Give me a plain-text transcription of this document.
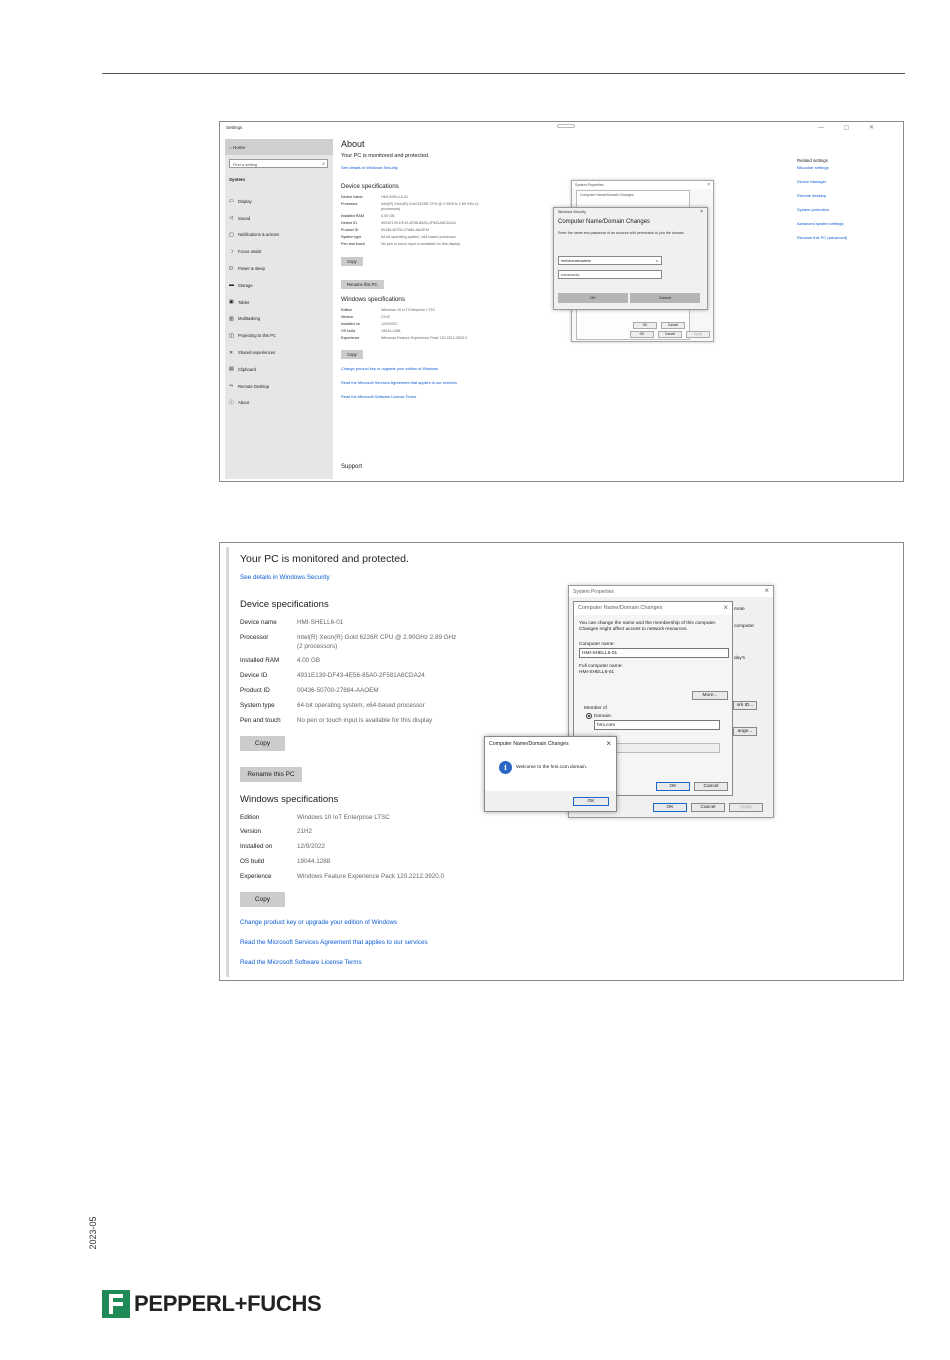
Settings	— ▢ ✕
⌂ Home
Find a setting	⌕
System
▭	Display
◁	Sound
▢	Notifications & actions
☽	Focus assist
⏻	Power & sleep
▬ Storage
▣	Tablet
▥	Multitasking
◫	Projecting to this PC
✕	Shared experiences
▤	Clipboard
⤳	Remote Desktop
ⓘ About
About
Your PC is monitored and protected.
See details in Windows Security
Device specifications
Device name	HMI-SHELL6-01
Processor	Intel(R) Xeon(R) Gold 6226R CPU @ 2.90GHz 2.89 GHz (2 processors)
Installed RAM	4.00 GB
Device ID	4931E139-DF43-4E56-85A0-2F581A6CDA24
Product ID	00436-50700-27884-AAOEM
System type	64-bit operating system, x64-based processor
Pen and touch	No pen or touch input is available for this display
Copy
Rename this PC
Windows specifications
Edition	Windows 10 IoT Enterprise LTSC
Version	21H2
Installed on	12/9/2022
OS build	19044.1288
Experience	Windows Feature Experience Pack 120.2212.3920.0
Copy
Change product key or upgrade your edition of Windows
Read the Microsoft Services Agreement that applies to our services
Read the Microsoft Software License Terms
Support
Related settings
BitLocker settings
Device Manager
Remote desktop
System protection
Advanced system settings
Rename this PC (advanced)
System Properties	×
Computer Name/Domain Changes
OK	Cancel
OK	Cancel	Apply
Windows Security	×
Computer Name/Domain Changes
Enter the name and password of an account with permission to join the domain.
hmi\domainadmin	×
••••••••••••••
OK	Cancel
Your PC is monitored and protected.
See details in Windows Security
Device specifications
Device name	HMI-SHELL6-01
Processor	Intel(R) Xeon(R) Gold 6226R CPU @ 2.90GHz 2.89 GHz (2 processors)
Installed RAM	4.00 GB
Device ID	4931E139-DF43-4E56-85A0-2F581A6CDA24
Product ID	00436-50700-27884-AAOEM
System type	64-bit operating system, x64-based processor
Pen and touch	No pen or touch input is available for this display
Copy
Rename this PC
Windows specifications
Edition	Windows 10 IoT Enterprise LTSC
Version	21H2
Installed on	12/9/2022
OS build	19044.1288
Experience	Windows Feature Experience Pack 120.2212.3920.0
Copy
Change product key or upgrade your edition of Windows
Read the Microsoft Services Agreement that applies to our services
Read the Microsoft Software License Terms
System Properties	×
mote
computer
day's
ork ID...
ange...
OK	Cancel	Apply
Computer Name/Domain Changes	×
You can change the name and the membership of this computer. Changes might affect access to network resources.
Computer name:
HMI-SHELL6-01
Full computer name:
HMI-SHELL6-01
More...
Member of
Domain:
hmi.com
OK	Cancel
Computer Name/Domain Changes	×
i	Welcome to the hmi.com domain.
OK
2023-05
PEPPERL+FUCHS
